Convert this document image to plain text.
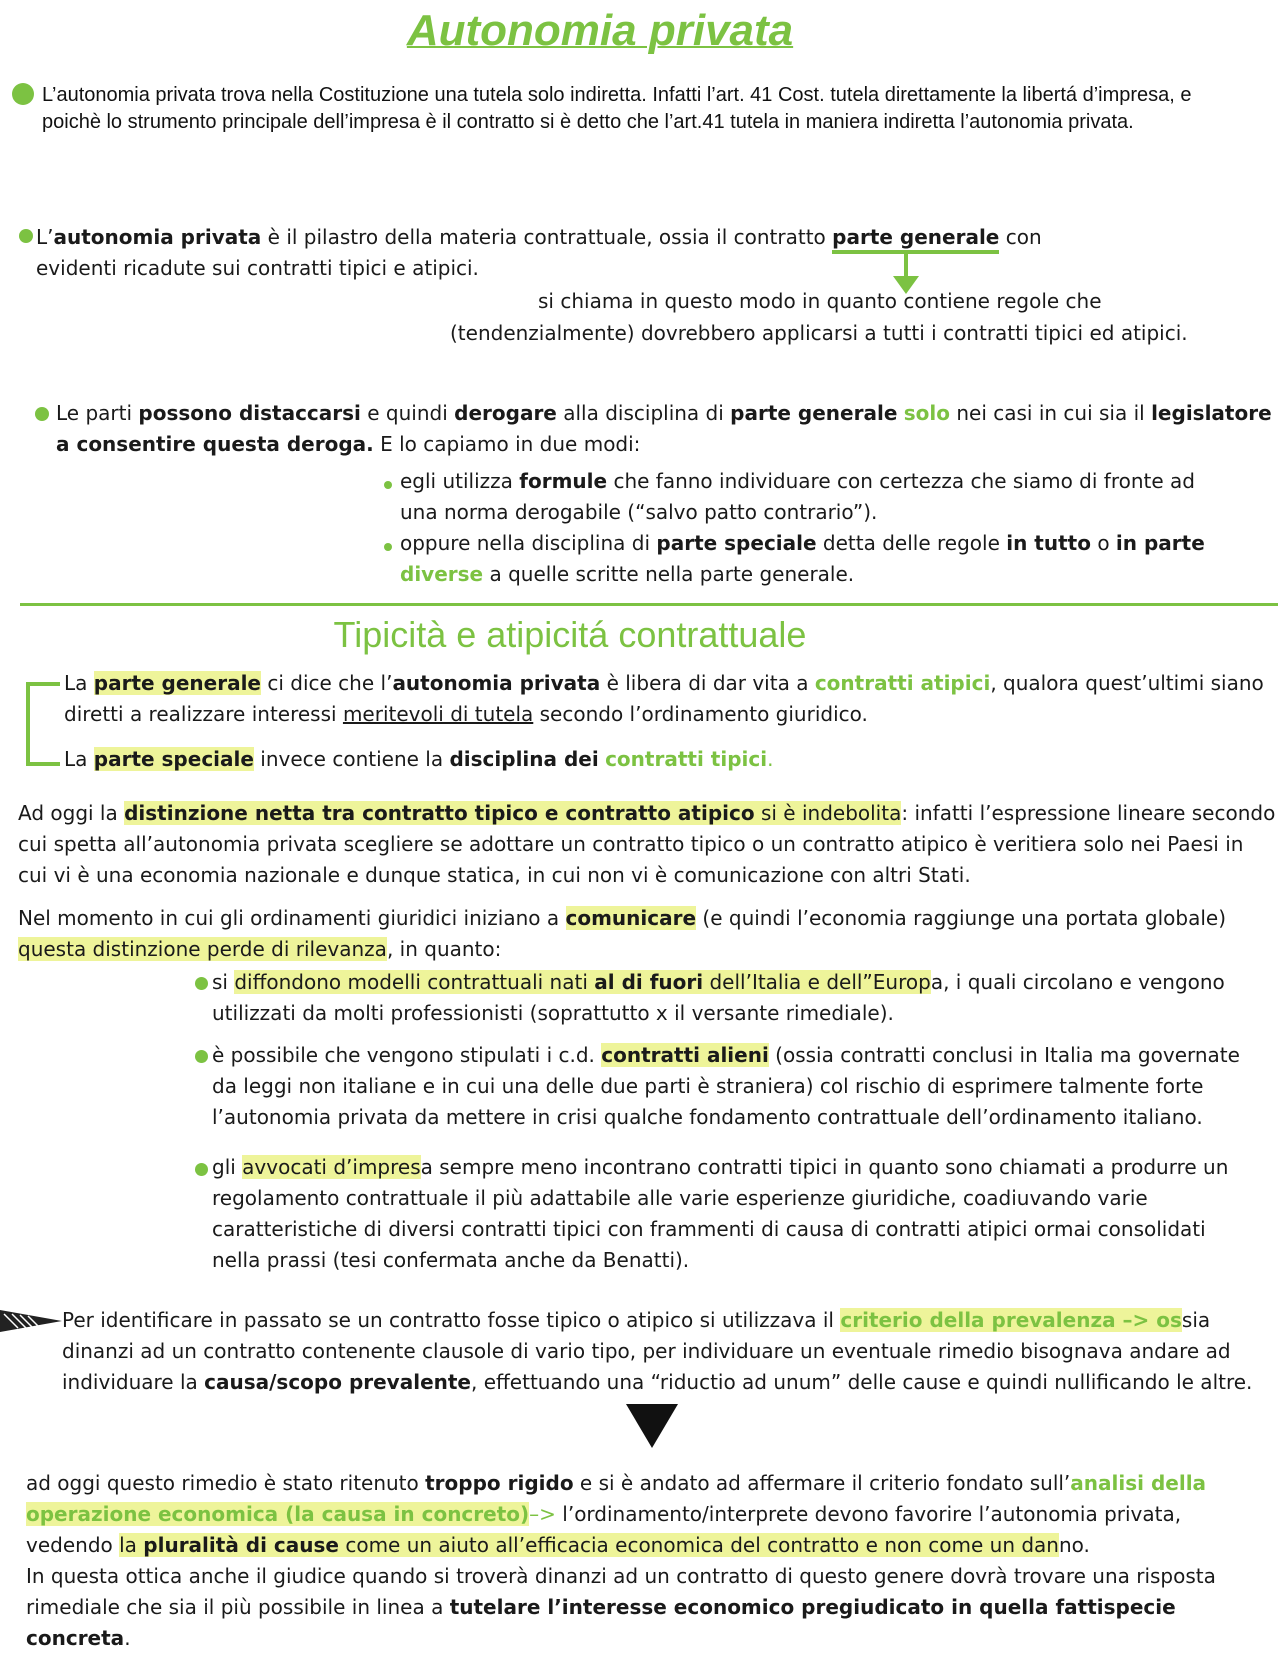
Autonomia privata
L’autonomia privata trova nella Costituzione una tutela solo indiretta. Infatti l’art. 41 Cost. tutela direttamente la libertá d’impresa, e poichè lo strumento principale dell’impresa è il contratto si è detto che l’art.41 tutela in maniera indiretta l’autonomia privata.
L’autonomia privata è il pilastro della materia contrattuale, ossia il contratto parte generale con
evidenti ricadute sui contratti tipici e atipici.
si chiama in questo modo in quanto contiene regole che
(tendenzialmente) dovrebbero applicarsi a tutti i contratti tipici ed atipici.
Le parti possono distaccarsi e quindi derogare alla disciplina di parte generale solo nei casi in cui sia il legislatore
a consentire questa deroga. E lo capiamo in due modi:
egli utilizza formule che fanno individuare con certezza che siamo di fronte ad
una norma derogabile (“salvo patto contrario”).
oppure nella disciplina di parte speciale detta delle regole in tutto o in parte
diverse a quelle scritte nella parte generale.
Tipicità e atipicitá contrattuale
La parte generale ci dice che l’autonomia privata è libera di dar vita a contratti atipici, qualora quest’ultimi siano
diretti a realizzare interessi meritevoli di tutela secondo l’ordinamento giuridico.
La parte speciale invece contiene la disciplina dei contratti tipici.
Ad oggi la distinzione netta tra contratto tipico e contratto atipico si è indebolita: infatti l’espressione lineare secondo
cui spetta all’autonomia privata scegliere se adottare un contratto tipico o un contratto atipico è veritiera solo nei Paesi in
cui vi è una economia nazionale e dunque statica, in cui non vi è comunicazione con altri Stati.
Nel momento in cui gli ordinamenti giuridici iniziano a comunicare (e quindi l’economia raggiunge una portata globale)
questa distinzione perde di rilevanza, in quanto:
si diffondono modelli contrattuali nati al di fuori dell’Italia e dell”Europa, i quali circolano e vengono
utilizzati da molti professionisti (soprattutto x il versante rimediale).
è possibile che vengono stipulati i c.d. contratti alieni (ossia contratti conclusi in Italia ma governate
da leggi non italiane e in cui una delle due parti è straniera) col rischio di esprimere talmente forte
l’autonomia privata da mettere in crisi qualche fondamento contrattuale dell’ordinamento italiano.
gli avvocati d’impresa sempre meno incontrano contratti tipici in quanto sono chiamati a produrre un
regolamento contrattuale il più adattabile alle varie esperienze giuridiche, coadiuvando varie
caratteristiche di diversi contratti tipici con frammenti di causa di contratti atipici ormai consolidati
nella prassi (tesi confermata anche da Benatti).
Per identificare in passato se un contratto fosse tipico o atipico si utilizzava il criterio della prevalenza –> ossia
dinanzi ad un contratto contenente clausole di vario tipo, per individuare un eventuale rimedio bisognava andare ad
individuare la causa/scopo prevalente, effettuando una “riductio ad unum” delle cause e quindi nullificando le altre.
ad oggi questo rimedio è stato ritenuto troppo rigido e si è andato ad affermare il criterio fondato sull’analisi della
operazione economica (la causa in concreto)–> l’ordinamento/interprete devono favorire l’autonomia privata,
vedendo la pluralità di cause come un aiuto all’efficacia economica del contratto e non come un danno.
In questa ottica anche il giudice quando si troverà dinanzi ad un contratto di questo genere dovrà trovare una risposta
rimediale che sia il più possibile in linea a tutelare l’interesse economico pregiudicato in quella fattispecie concreta.
